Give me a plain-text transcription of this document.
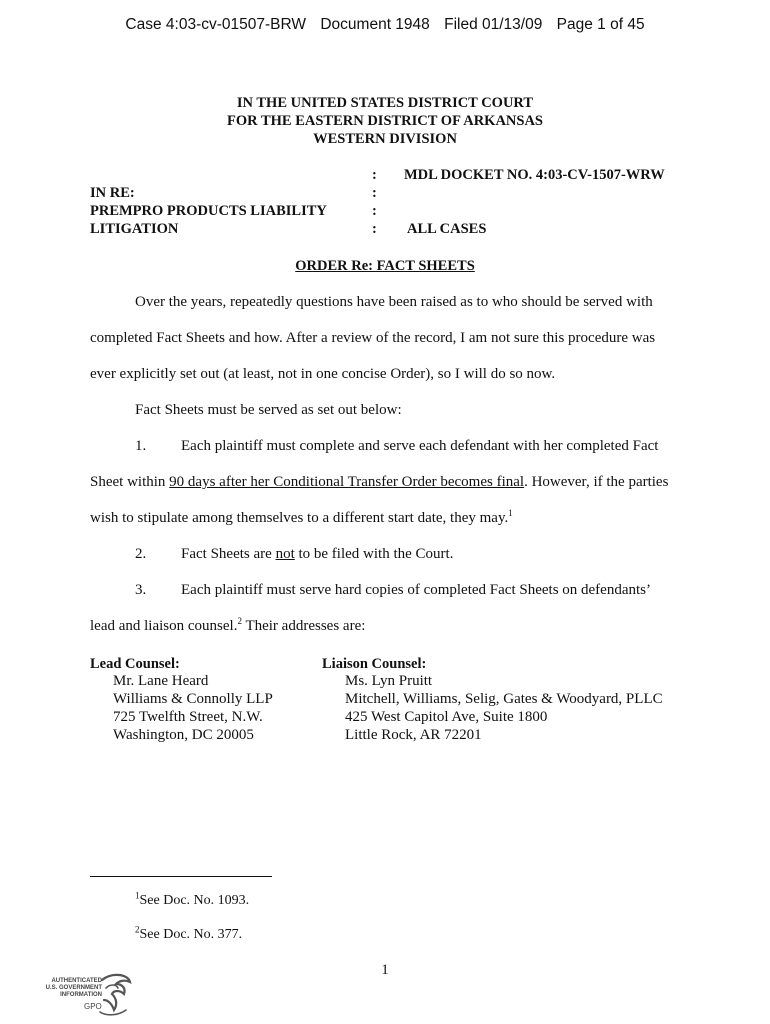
Case 4:03-cv-01507-BRW Document 1948 Filed 01/13/09 Page 1 of 45
IN THE UNITED STATES DISTRICT COURT
FOR THE EASTERN DISTRICT OF ARKANSAS
WESTERN DIVISION
: MDL DOCKET NO. 4:03-CV-1507-WRW
IN RE:	:
PREMPRO PRODUCTS LIABILITY	:
LITIGATION	: ALL CASES
ORDER Re: FACT SHEETS
Over the years, repeatedly questions have been raised as to who should be served with
completed Fact Sheets and how. After a review of the record, I am not sure this procedure was
ever explicitly set out (at least, not in one concise Order), so I will do so now.
Fact Sheets must be served as set out below:
1. Each plaintiff must complete and serve each defendant with her completed Fact
Sheet within 90 days after her Conditional Transfer Order becomes final. However, if the parties
wish to stipulate among themselves to a different start date, they may.$^1$
2. Fact Sheets are not to be filed with the Court.
3. Each plaintiff must serve hard copies of completed Fact Sheets on defendants’
lead and liaison counsel.$^2$ Their addresses are:
Lead Counsel:
Mr. Lane Heard
Williams & Connolly LLP
725 Twelfth Street, N.W.
Washington, DC 20005
Liaison Counsel:
Ms. Lyn Pruitt
Mitchell, Williams, Selig, Gates & Woodyard, PLLC
425 West Capitol Ave, Suite 1800
Little Rock, AR 72201
$^1$See Doc. No. 1093.
$^2$See Doc. No. 377.
1
AUTHENTICATED
U.S. GOVERNMENT
INFORMATION
GPO
